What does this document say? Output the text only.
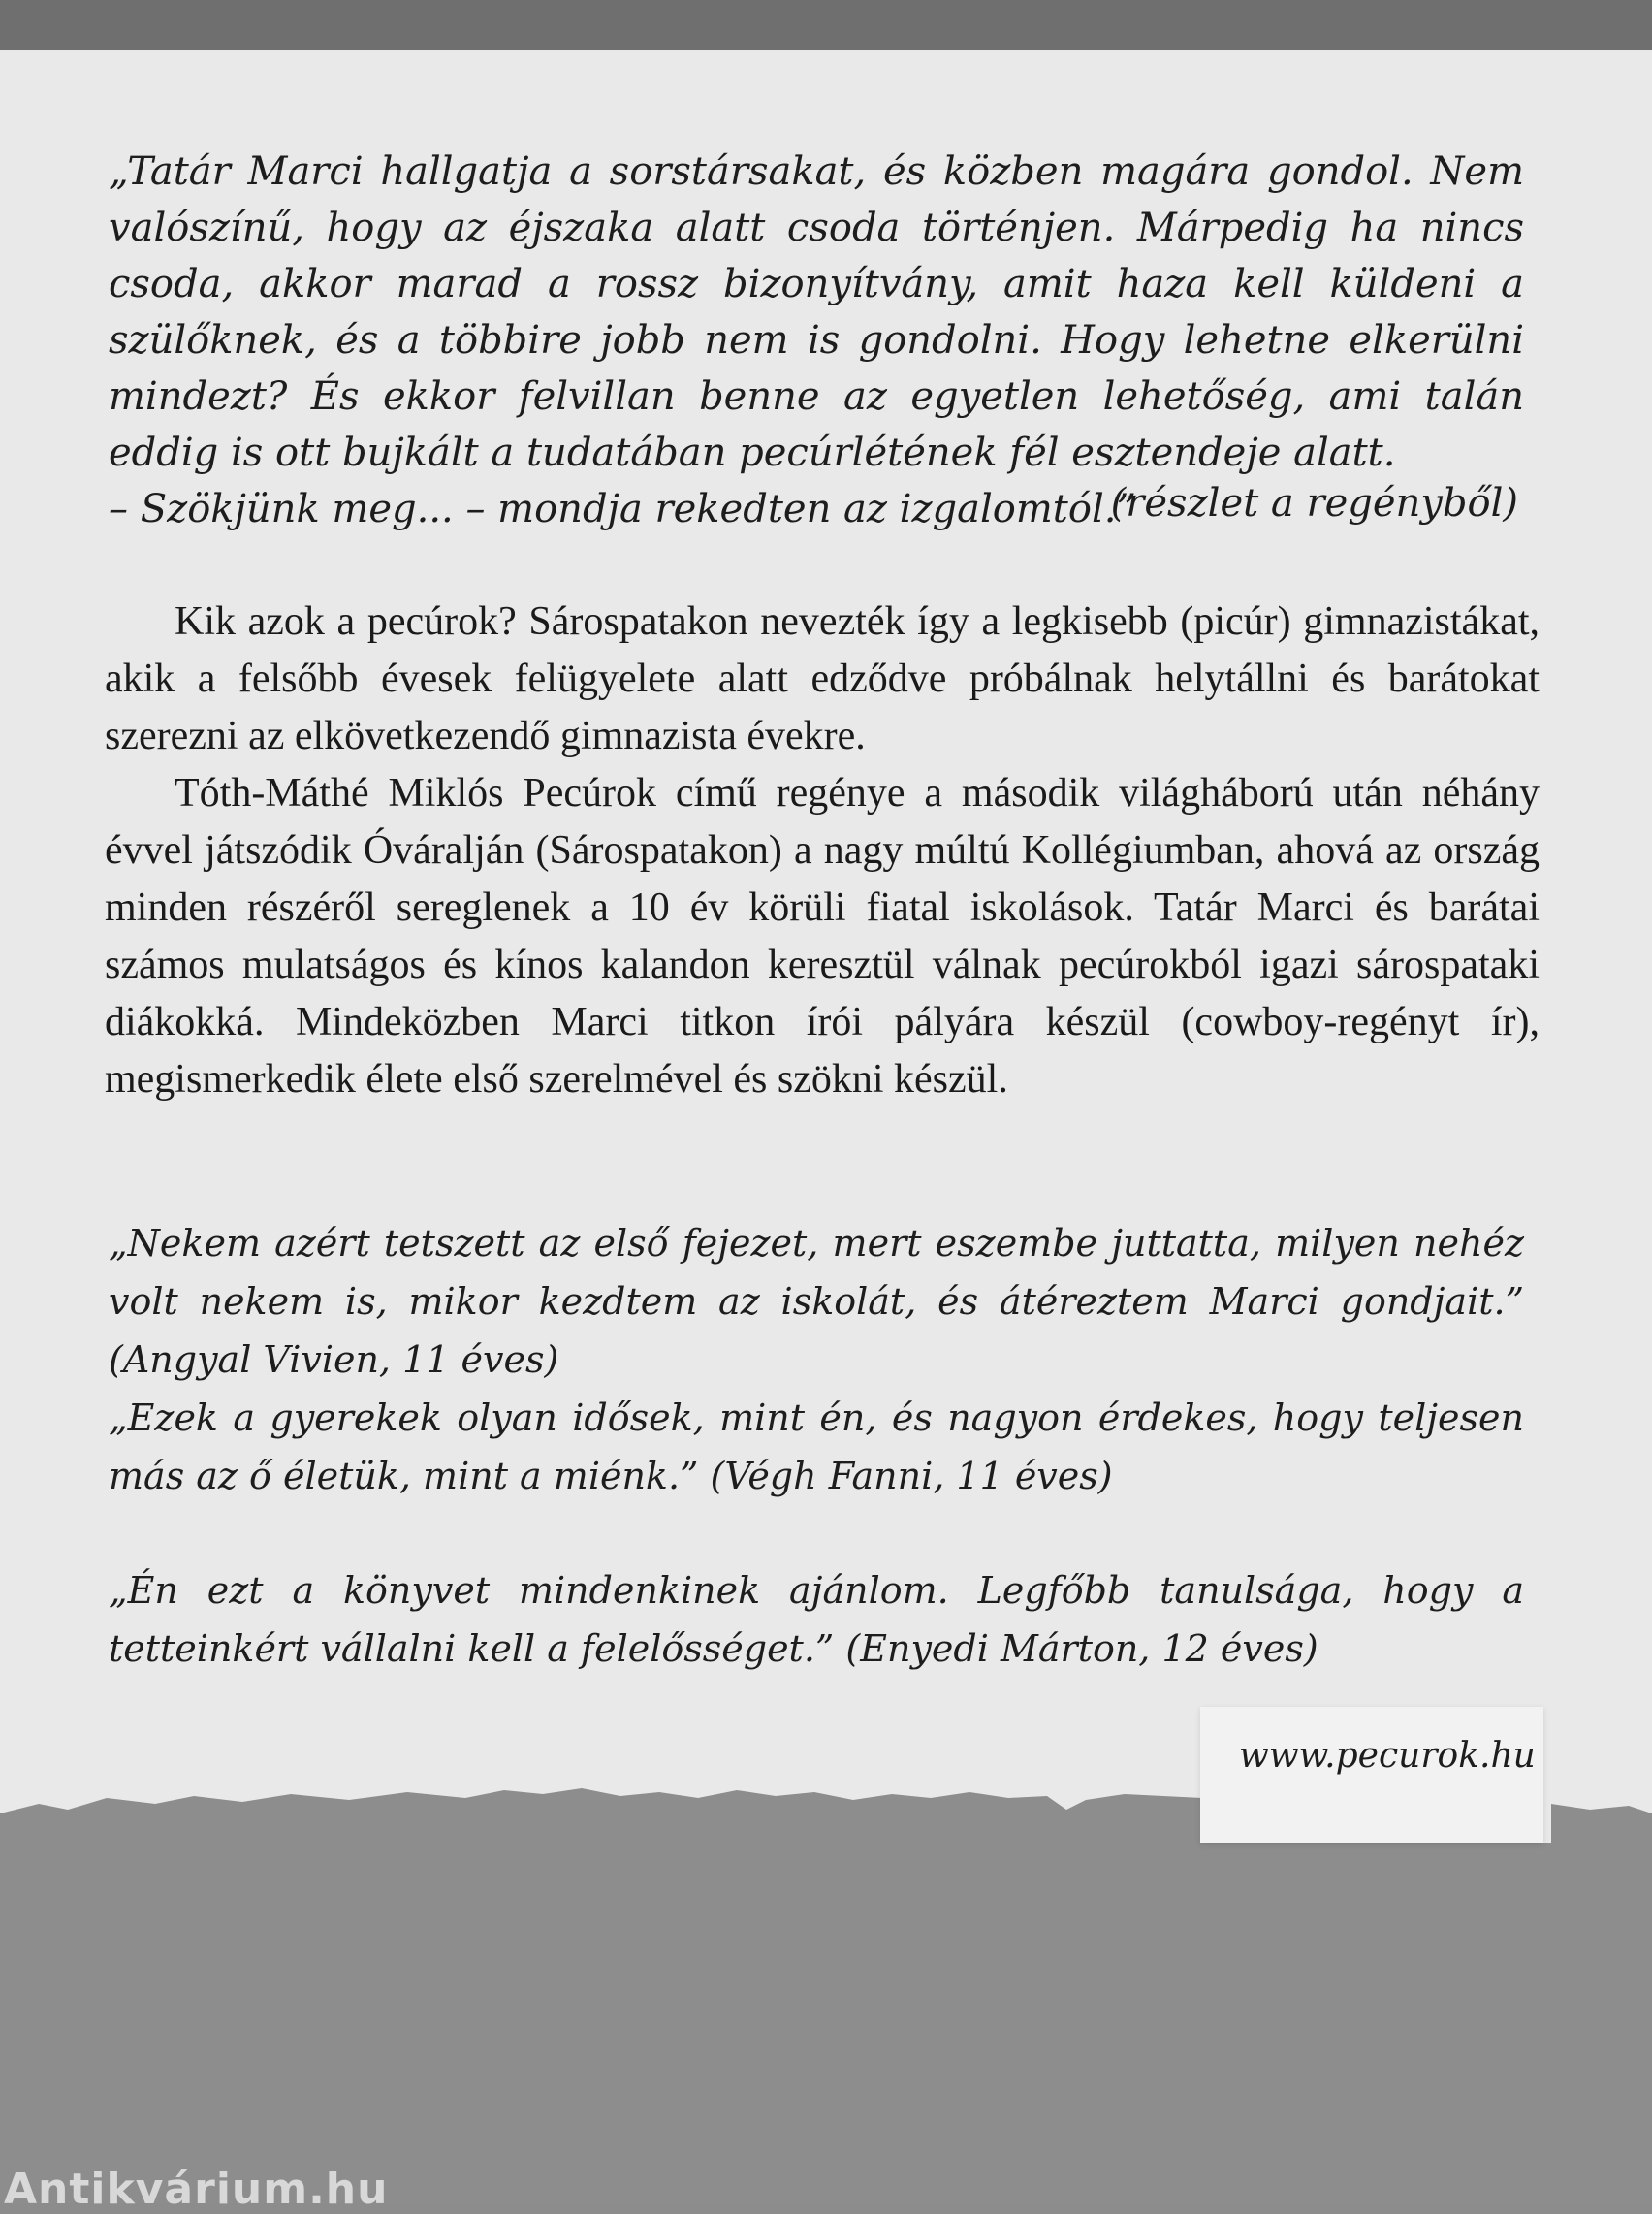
„Tatár Marci hallgatja a sorstársakat, és közben magára gondol. Nem valószínű, hogy az éjszaka alatt csoda történjen. Márpedig ha nincs csoda, akkor marad a rossz bizonyítvány, amit haza kell küldeni a szülőknek, és a többire jobb nem is gondolni. Hogy lehetne elkerülni mindezt? És ekkor felvillan benne az egyetlen lehetőség, ami talán eddig is ott bujkált a tudatában pecúrlétének fél esztendeje alatt.
– Szökjünk meg... – mondja rekedten az izgalomtól.”

(részlet a regényből)

Kik azok a pecúrok? Sárospatakon nevezték így a legkisebb (picúr) gimnazistákat, akik a felsőbb évesek felügyelete alatt edződve próbálnak helytállni és barátokat szerezni az elkövetkezendő gimnazista évekre.

Tóth-Máthé Miklós Pecúrok című regénye a második világháború után néhány évvel játszódik Óváralján (Sárospatakon) a nagy múltú Kollégiumban, ahová az ország minden részéről sereglenek a 10 év körüli fiatal iskolások. Tatár Marci és barátai számos mulatságos és kínos kalandon keresztül válnak pecúrokból igazi sárospataki diákokká. Mindeközben Marci titkon írói pályára készül (cowboy-regényt ír), megismerkedik élete első szerelmével és szökni készül.

„Nekem azért tetszett az első fejezet, mert eszembe juttatta, milyen nehéz volt nekem is, mikor kezdtem az iskolát, és átéreztem Marci gondjait.” (Angyal Vivien, 11 éves)

„Ezek a gyerekek olyan idősek, mint én, és nagyon érdekes, hogy teljesen más az ő életük, mint a miénk.” (Végh Fanni, 11 éves)

„Én ezt a könyvet mindenkinek ajánlom. Legfőbb tanulsága, hogy a tetteinkért vállalni kell a felelősséget.” (Enyedi Márton, 12 éves)

www.pecurok.hu
Antikvárium.hu
